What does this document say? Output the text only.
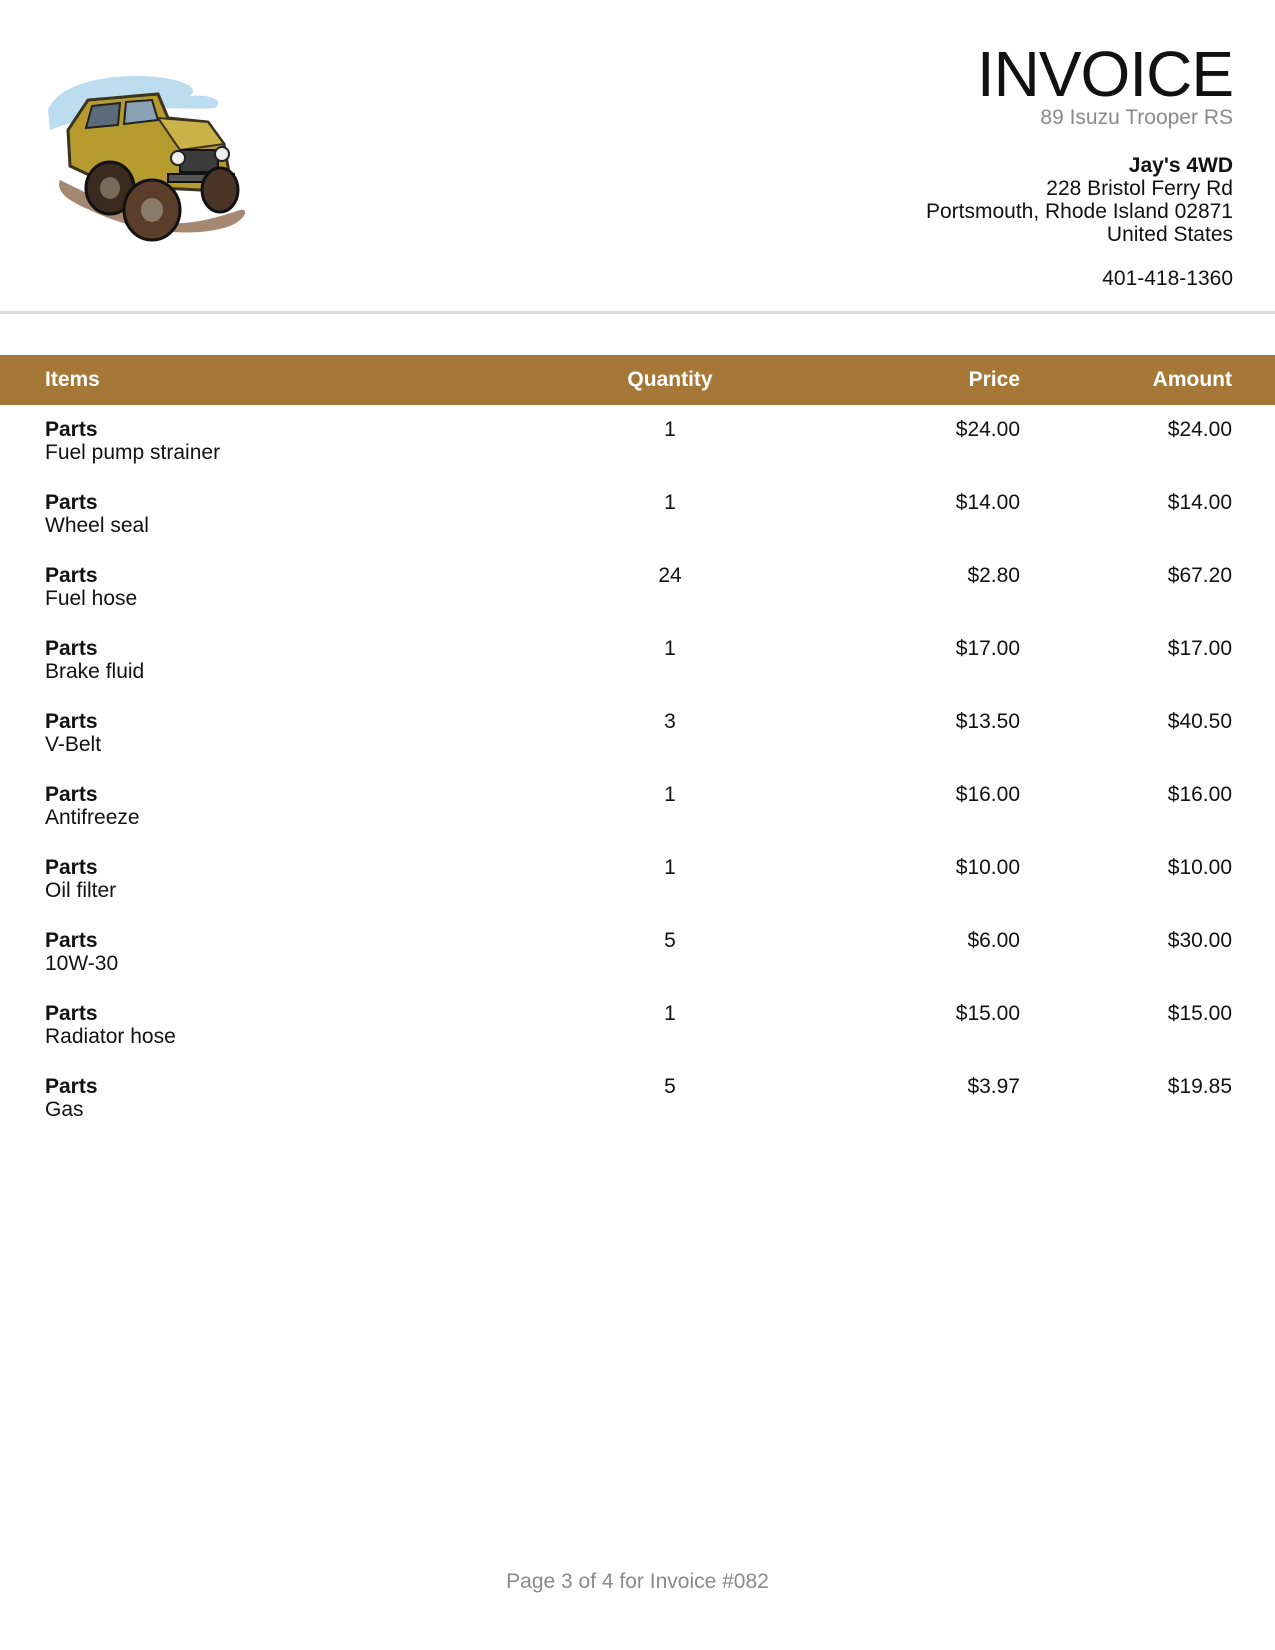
INVOICE
89 Isuzu Trooper RS
Jay's 4WD
228 Bristol Ferry Rd
Portsmouth, Rhode Island 02871
United States
401-418-1360
Items	Quantity	Price	Amount
Parts
Fuel pump strainer
1	$24.00	$24.00
Parts
Wheel seal
1	$14.00	$14.00
Parts
Fuel hose
24	$2.80	$67.20
Parts
Brake fluid
1	$17.00	$17.00
Parts
V-Belt
3	$13.50	$40.50
Parts
Antifreeze
1	$16.00	$16.00
Parts
Oil filter
1	$10.00	$10.00
Parts
10W-30
5	$6.00	$30.00
Parts
Radiator hose
1	$15.00	$15.00
Parts
Gas
5	$3.97	$19.85
Page 3 of 4 for Invoice #082
